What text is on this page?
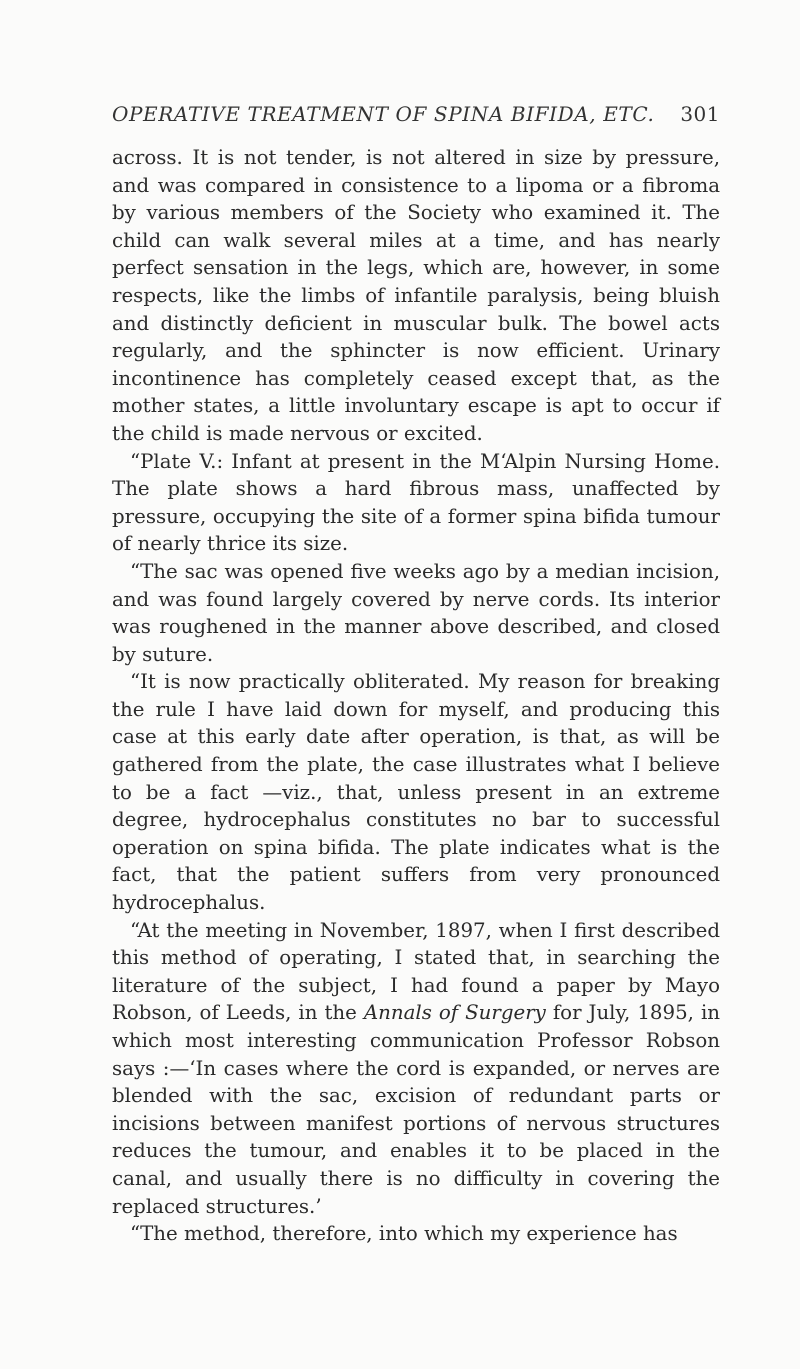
OPERATIVE TREATMENT OF SPINA BIFIDA, ETC. 301

across. It is not tender, is not altered in size by pressure, and was compared in consistence to a lipoma or a fibroma by various members of the Society who examined it. The child can walk several miles at a time, and has nearly perfect sensation in the legs, which are, however, in some respects, like the limbs of infantile paralysis, being bluish and distinctly deficient in muscular bulk. The bowel acts regularly, and the sphincter is now efficient. Urinary incontinence has completely ceased except that, as the mother states, a little involuntary escape is apt to occur if the child is made nervous or excited.

“Plate V.: Infant at present in the M‘Alpin Nursing Home. The plate shows a hard fibrous mass, unaffected by pressure, occupying the site of a former spina bifida tumour of nearly thrice its size.

“The sac was opened five weeks ago by a median incision, and was found largely covered by nerve cords. Its interior was roughened in the manner above described, and closed by suture.

“It is now practically obliterated. My reason for breaking the rule I have laid down for myself, and producing this case at this early date after operation, is that, as will be gathered from the plate, the case illustrates what I believe to be a fact —viz., that, unless present in an extreme degree, hydrocephalus constitutes no bar to successful operation on spina bifida. The plate indicates what is the fact, that the patient suffers from very pronounced hydrocephalus.

“At the meeting in November, 1897, when I first described this method of operating, I stated that, in searching the literature of the subject, I had found a paper by Mayo Robson, of Leeds, in the Annals of Surgery for July, 1895, in which most interesting communication Professor Robson says :—‘In cases where the cord is expanded, or nerves are blended with the sac, excision of redundant parts or incisions between manifest portions of nervous structures reduces the tumour, and enables it to be placed in the canal, and usually there is no difficulty in covering the replaced structures.’

“The method, therefore, into which my experience has
